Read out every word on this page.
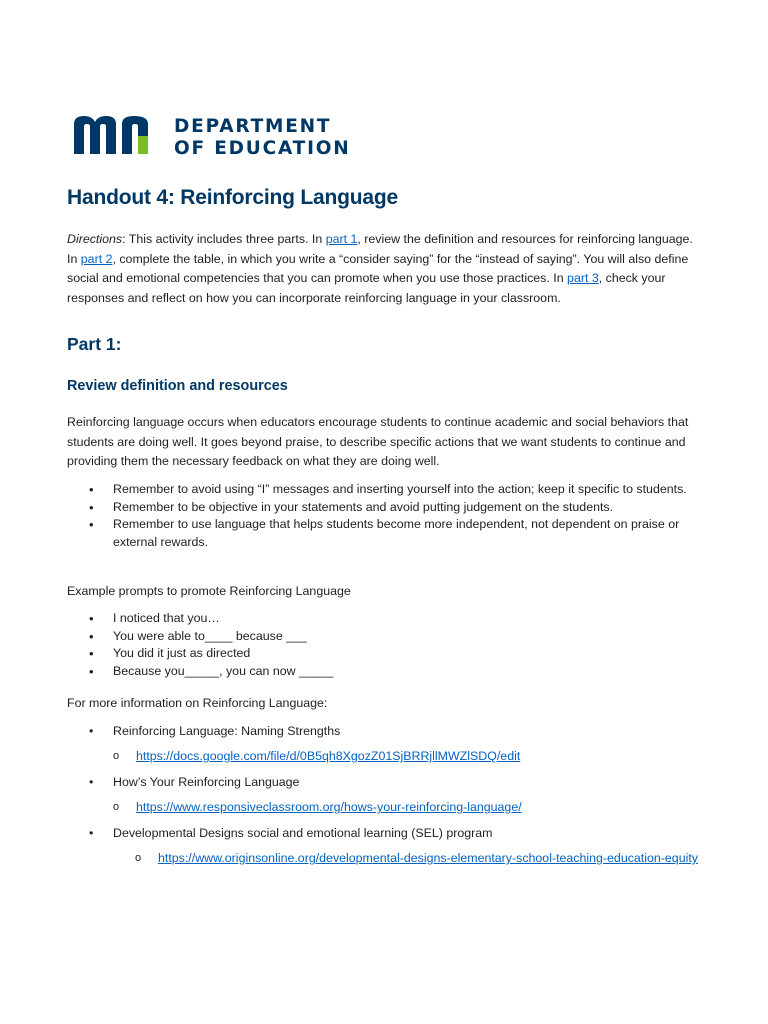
DEPARTMENT
OF EDUCATION
Handout 4: Reinforcing Language

Directions: This activity includes three parts. In part 1, review the definition and resources for reinforcing language. In part 2, complete the table, in which you write a “consider saying” for the “instead of saying”. You will also define social and emotional competencies that you can promote when you use those practices. In part 3, check your responses and reflect on how you can incorporate reinforcing language in your classroom.

Part 1:
Review definition and resources

Reinforcing language occurs when educators encourage students to continue academic and social behaviors that students are doing well. It goes beyond praise, to describe specific actions that we want students to continue and providing them the necessary feedback on what they are doing well.

• Remember to avoid using “I” messages and inserting yourself into the action; keep it specific to students.
• Remember to be objective in your statements and avoid putting judgement on the students.
• Remember to use language that helps students become more independent, not dependent on praise or external rewards.

Example prompts to promote Reinforcing Language

• I noticed that you…
• You were able to____ because ___
• You did it just as directed
• Because you_____, you can now _____

For more information on Reinforcing Language:

• Reinforcing Language: Naming Strengths
o https://docs.google.com/file/d/0B5qh8XgozZ01SjBRRjllMWZlSDQ/edit
• How’s Your Reinforcing Language
o https://www.responsiveclassroom.org/hows-your-reinforcing-language/
• Developmental Designs social and emotional learning (SEL) program
o https://www.originsonline.org/developmental-designs-elementary-school-teaching-education-equity
